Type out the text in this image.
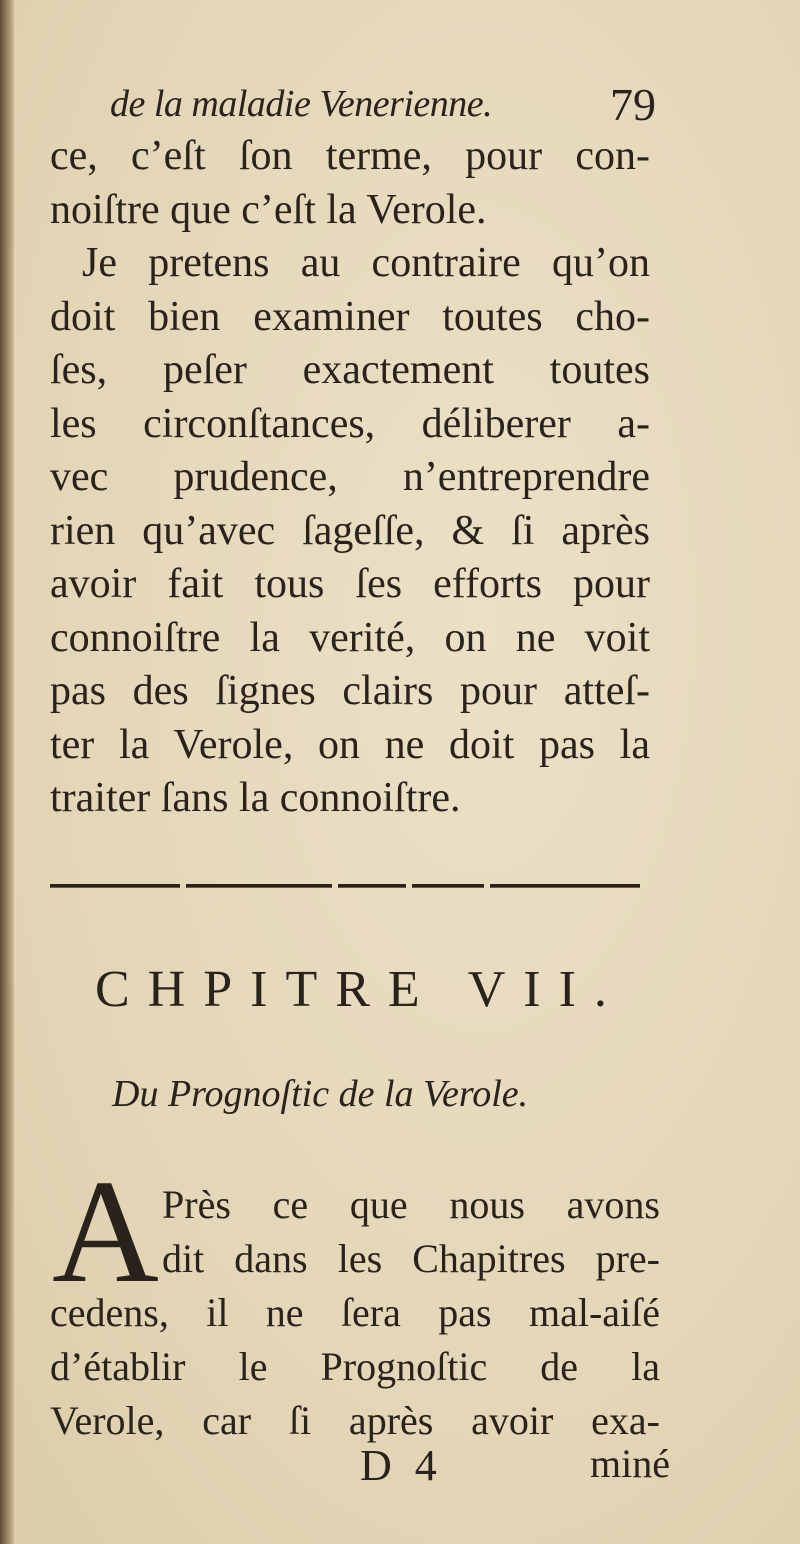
de la maladie Venerienne.	79
ce, c’eſt ſon terme, pour con-
noiſtre que c’eſt la Verole.
Je pretens au contraire qu’on
doit bien examiner toutes cho-
ſes, peſer exactement toutes
les circonſtances, déliberer a-
vec prudence, n’entreprendre
rien qu’avec ſageſſe, & ſi après
avoir fait tous ſes efforts pour
connoiſtre la verité, on ne voit
pas des ſignes clairs pour atteſ-
ter la Verole, on ne doit pas la
traiter ſans la connoiſtre.
CHPITRE VII.
Du Prognoſtic de la Verole.
A Près ce que nous avons
dit dans les Chapitres pre-
cedens, il ne ſera pas mal-aiſé
d’établir le Prognoſtic de la
Verole, car ſi après avoir exa-
D 4	miné
